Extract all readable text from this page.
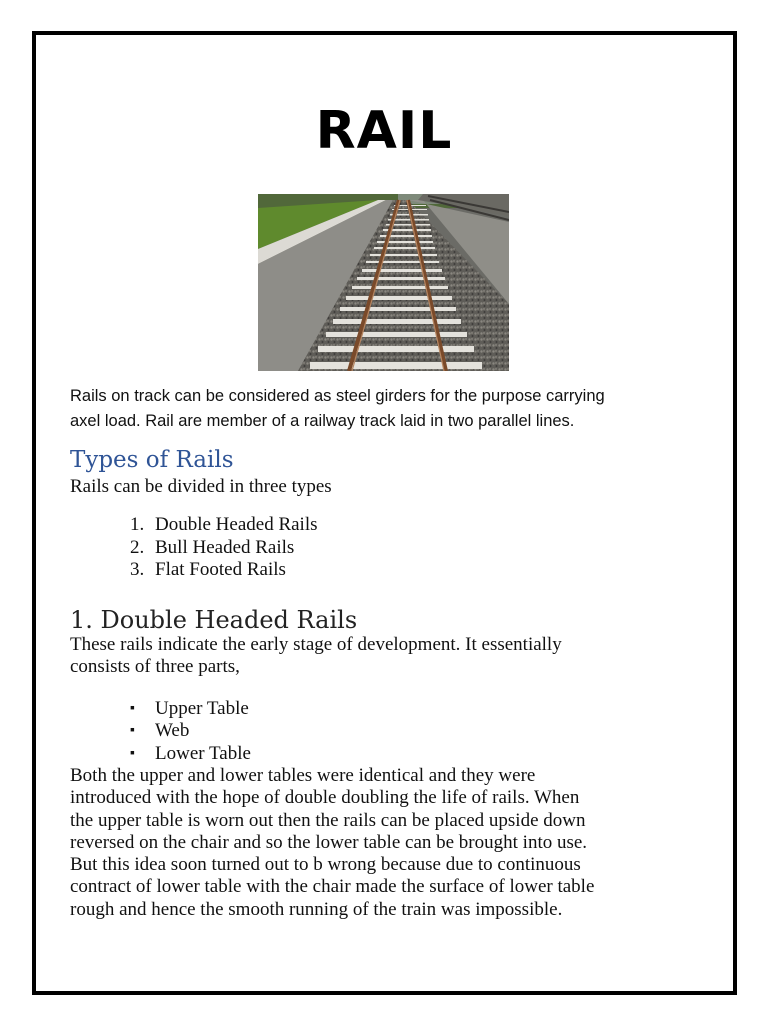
RAIL
Rails on track can be considered as steel girders for the purpose carrying
axel load. Rail are member of a railway track laid in two parallel lines.
Types of Rails
Rails can be divided in three types
1. Double Headed Rails
2. Bull Headed Rails
3. Flat Footed Rails
1. Double Headed Rails
These rails indicate the early stage of development. It essentially
consists of three parts,
▪ Upper Table
▪ Web
▪ Lower Table
Both the upper and lower tables were identical and they were
introduced with the hope of double doubling the life of rails. When
the upper table is worn out then the rails can be placed upside down
reversed on the chair and so the lower table can be brought into use.
But this idea soon turned out to b wrong because due to continuous
contract of lower table with the chair made the surface of lower table
rough and hence the smooth running of the train was impossible.
